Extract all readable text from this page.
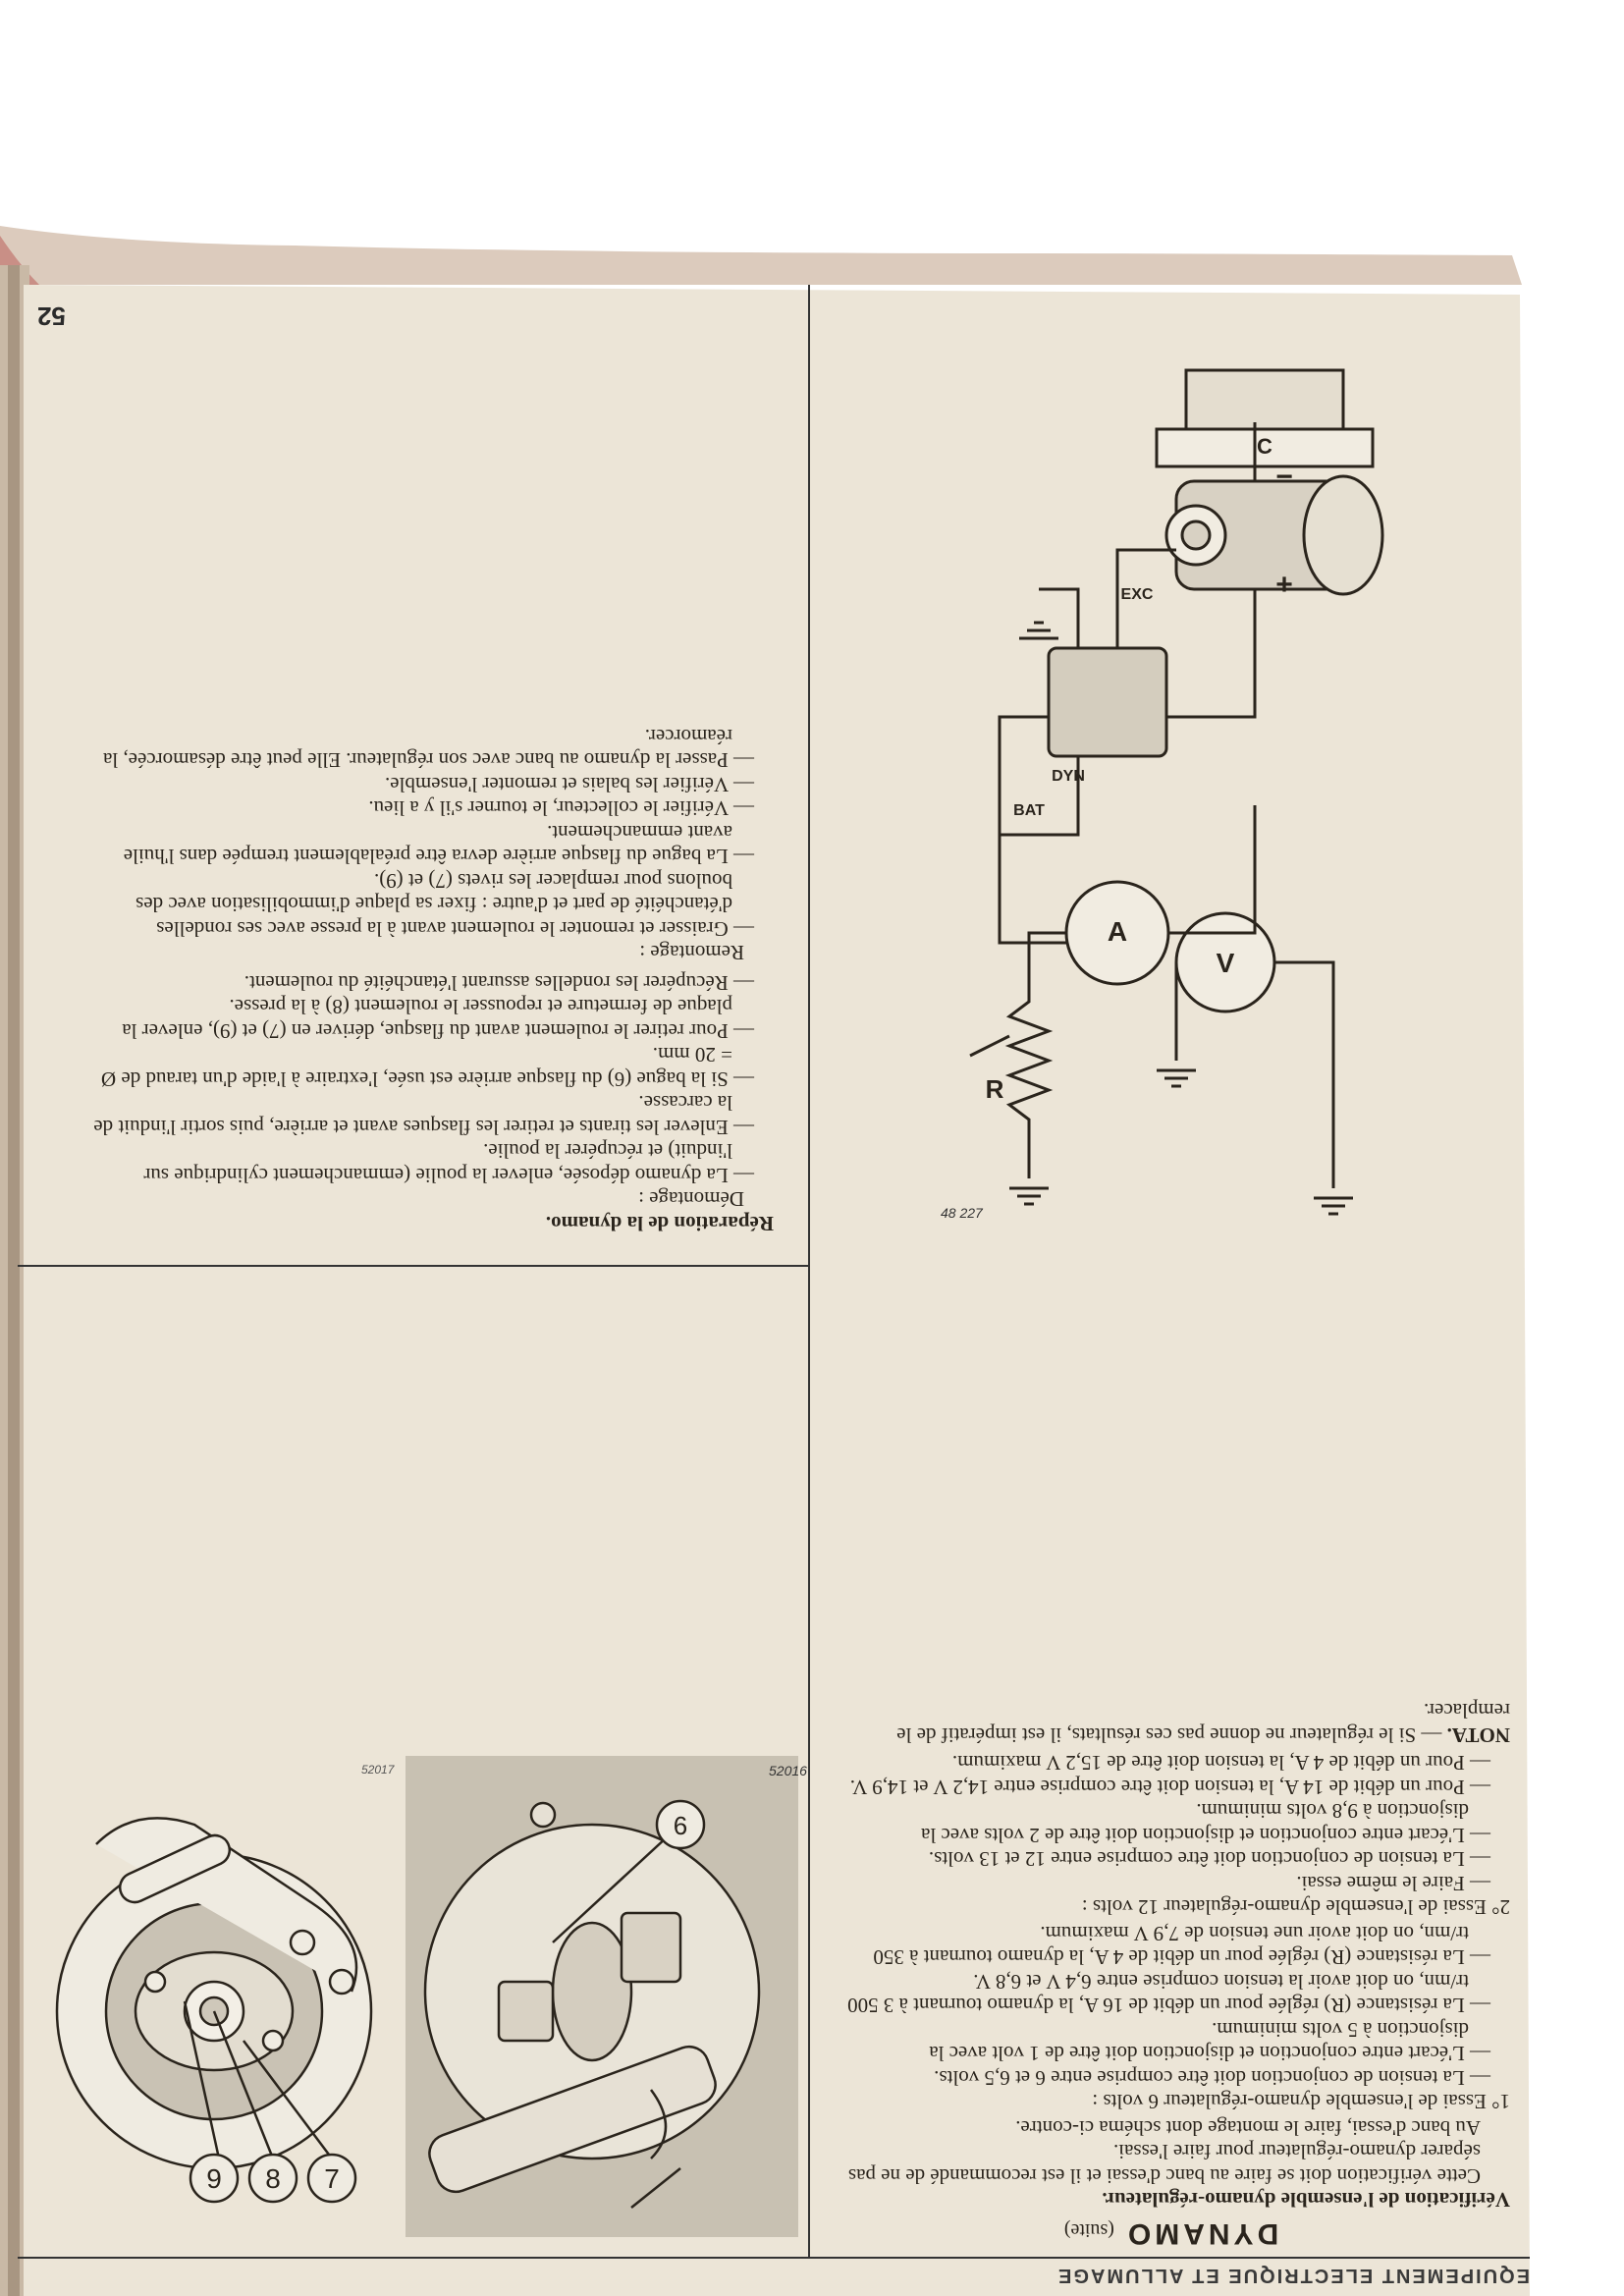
EQUIPEMENT ELECTRIQUE ET ALLUMAGE
52
DYNAMO(suite)

Vérification de l'ensemble dynamo-régulateur.

Cette vérification doit se faire au banc d'essai et il est recommandé de ne pas séparer dynamo-régulateur pour faire l'essai.

Au banc d'essai, faire le montage dont schéma ci-contre.

1° Essai de l'ensemble dynamo-régulateur 6 volts :

— La tension de conjonction doit être comprise entre 6 et 6,5 volts.

— L'écart entre conjonction et disjonction doit être de 1 volt avec la disjonction à 5 volts minimum.

— La résistance (R) réglée pour un débit de 16 A, la dynamo tournant à 3 500 tr/mn, on doit avoir la tension comprise entre 6,4 V et 6,8 V.

— La résistance (R) réglée pour un débit de 4 A, la dynamo tournant à 350 tr/mn, on doit avoir une tension de 7,9 V maximum.

2° Essai de l'ensemble dynamo-régulateur 12 volts :

— Faire le même essai.

— La tension de conjonction doit être comprise entre 12 et 13 volts.

— L'écart entre conjonction et disjonction doit être de 2 volts avec la disjonction à 9,8 volts minimum.

— Pour un débit de 14 A, la tension doit être comprise entre 14,2 V et 14,9 V.

— Pour un débit de 4 A, la tension doit être de 15,2 V maximum.

NOTA. — Si le régulateur ne donne pas ces résultats, il est impératif de le remplacer.

Réparation de la dynamo.

Démontage :

— La dynamo déposée, enlever la poulie (emmanchement cylindrique sur l'induit) et récupérer la poulie.

— Enlever les tirants et retirer les flasques avant et arrière, puis sortir l'induit de la carcasse.

— Si la bague (6) du flasque arrière est usée, l'extraire à l'aide d'un taraud de Ø = 20 mm.

— Pour retirer le roulement avant du flasque, dériver en (7) et (9), enlever la plaque de fermeture et repousser le roulement (8) à la presse.

— Récupérer les rondelles assurant l'étanchéité du roulement.

Remontage :

— Graisser et remonter le roulement avant à la presse avec ses rondelles d'étanchéité de part et d'autre : fixer sa plaque d'immobilisation avec des boulons pour remplacer les rivets (7) et (9).

— La bague du flasque arrière devra être préalablement trempée dans l'huile avant emmanchement.

— Vérifier le collecteur, le tourner s'il y a lieu.

— Vérifier les balais et remonter l'ensemble.

— Passer la dynamo au banc avec son régulateur. Elle peut être désamorcée, la réamorcer.

A
V
R
C
EXC
DYN
BAT
+
−
48 227
6
52016
7
8
9
52017
